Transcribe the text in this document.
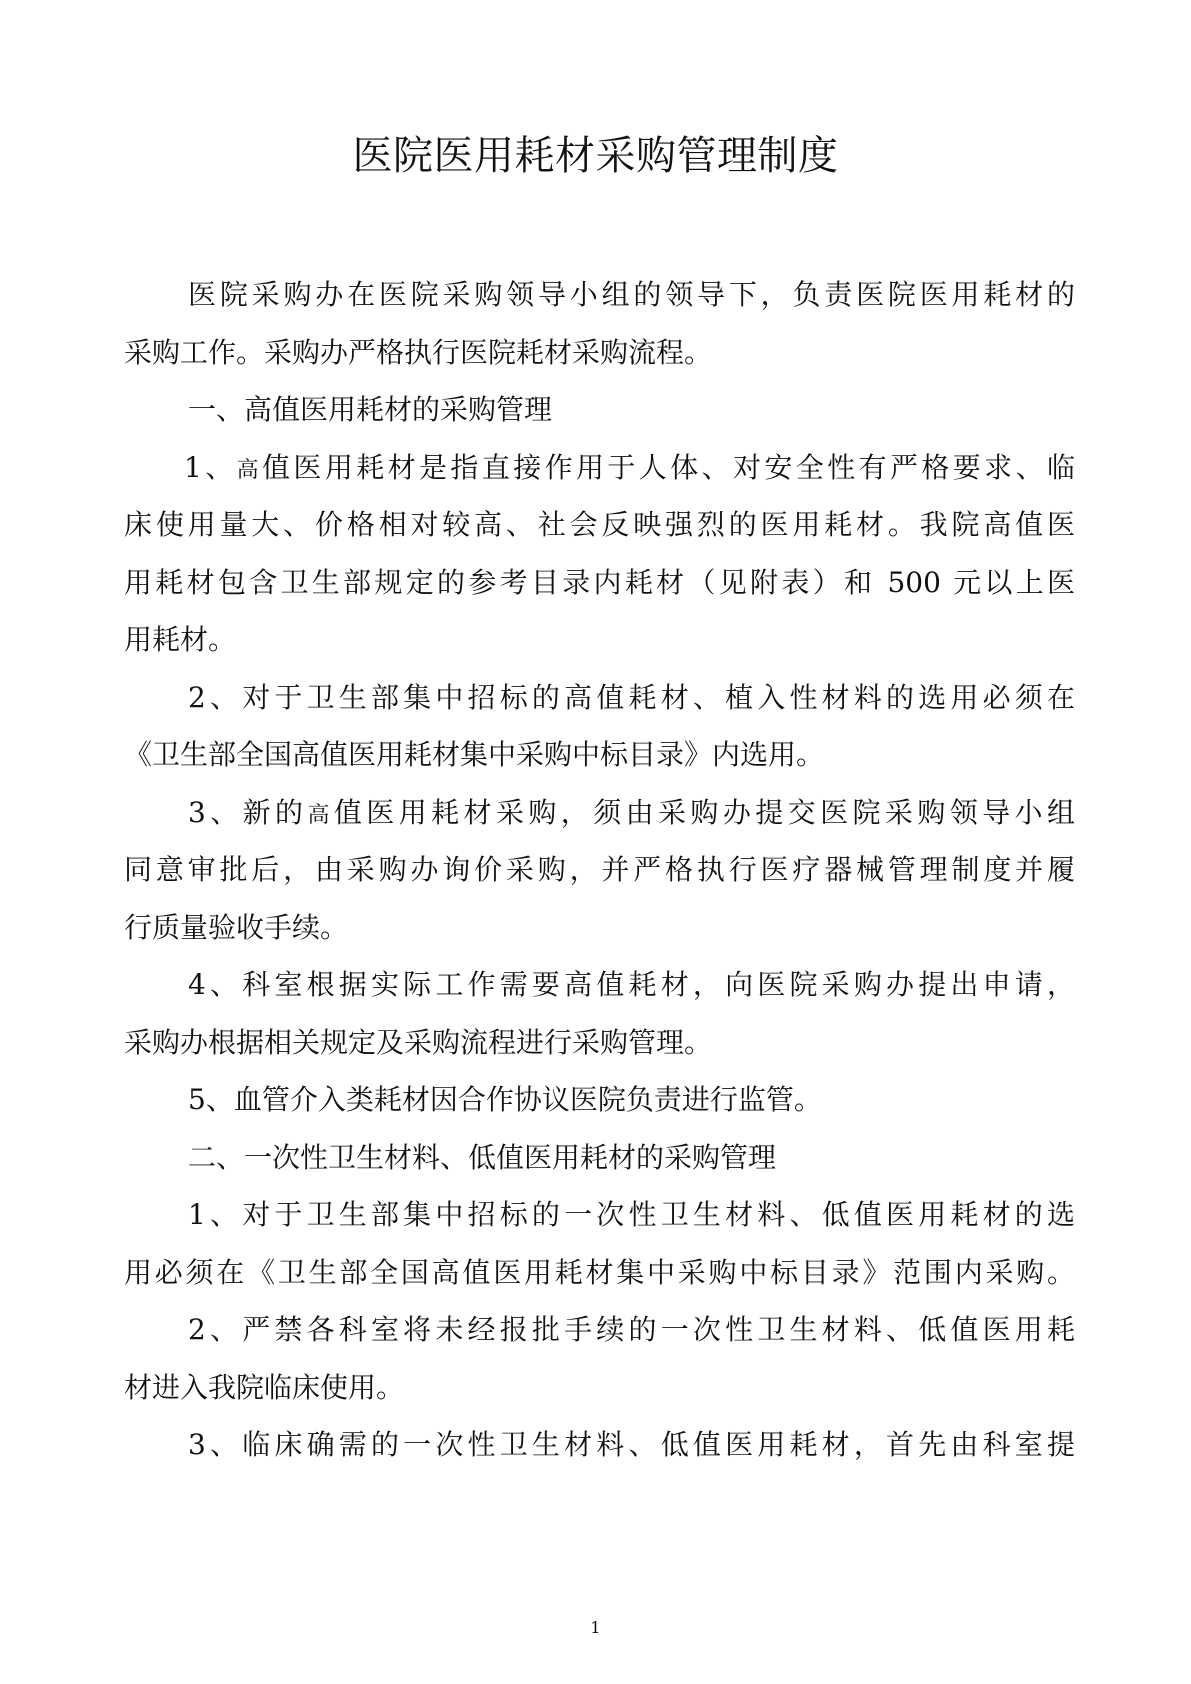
医院医用耗材采购管理制度
医院采购办在医院采购领导小组的领导下，负责医院医用耗材的
采购工作。采购办严格执行医院耗材采购流程。
一、高值医用耗材的采购管理
1、高值医用耗材是指直接作用于人体、对安全性有严格要求、临
床使用量大、价格相对较高、社会反映强烈的医用耗材。我院高值医
用耗材包含卫生部规定的参考目录内耗材（见附表）和 500 元以上医
用耗材。
2、对于卫生部集中招标的高值耗材、植入性材料的选用必须在
《卫生部全国高值医用耗材集中采购中标目录》内选用。
3、新的高值医用耗材采购，须由采购办提交医院采购领导小组
同意审批后，由采购办询价采购，并严格执行医疗器械管理制度并履
行质量验收手续。
4、科室根据实际工作需要高值耗材，向医院采购办提出申请，
采购办根据相关规定及采购流程进行采购管理。
5、血管介入类耗材因合作协议医院负责进行监管。
二、一次性卫生材料、低值医用耗材的采购管理
1、对于卫生部集中招标的一次性卫生材料、低值医用耗材的选
用必须在《卫生部全国高值医用耗材集中采购中标目录》范围内采购。
2、严禁各科室将未经报批手续的一次性卫生材料、低值医用耗
材进入我院临床使用。
3、临床确需的一次性卫生材料、低值医用耗材，首先由科室提
1
